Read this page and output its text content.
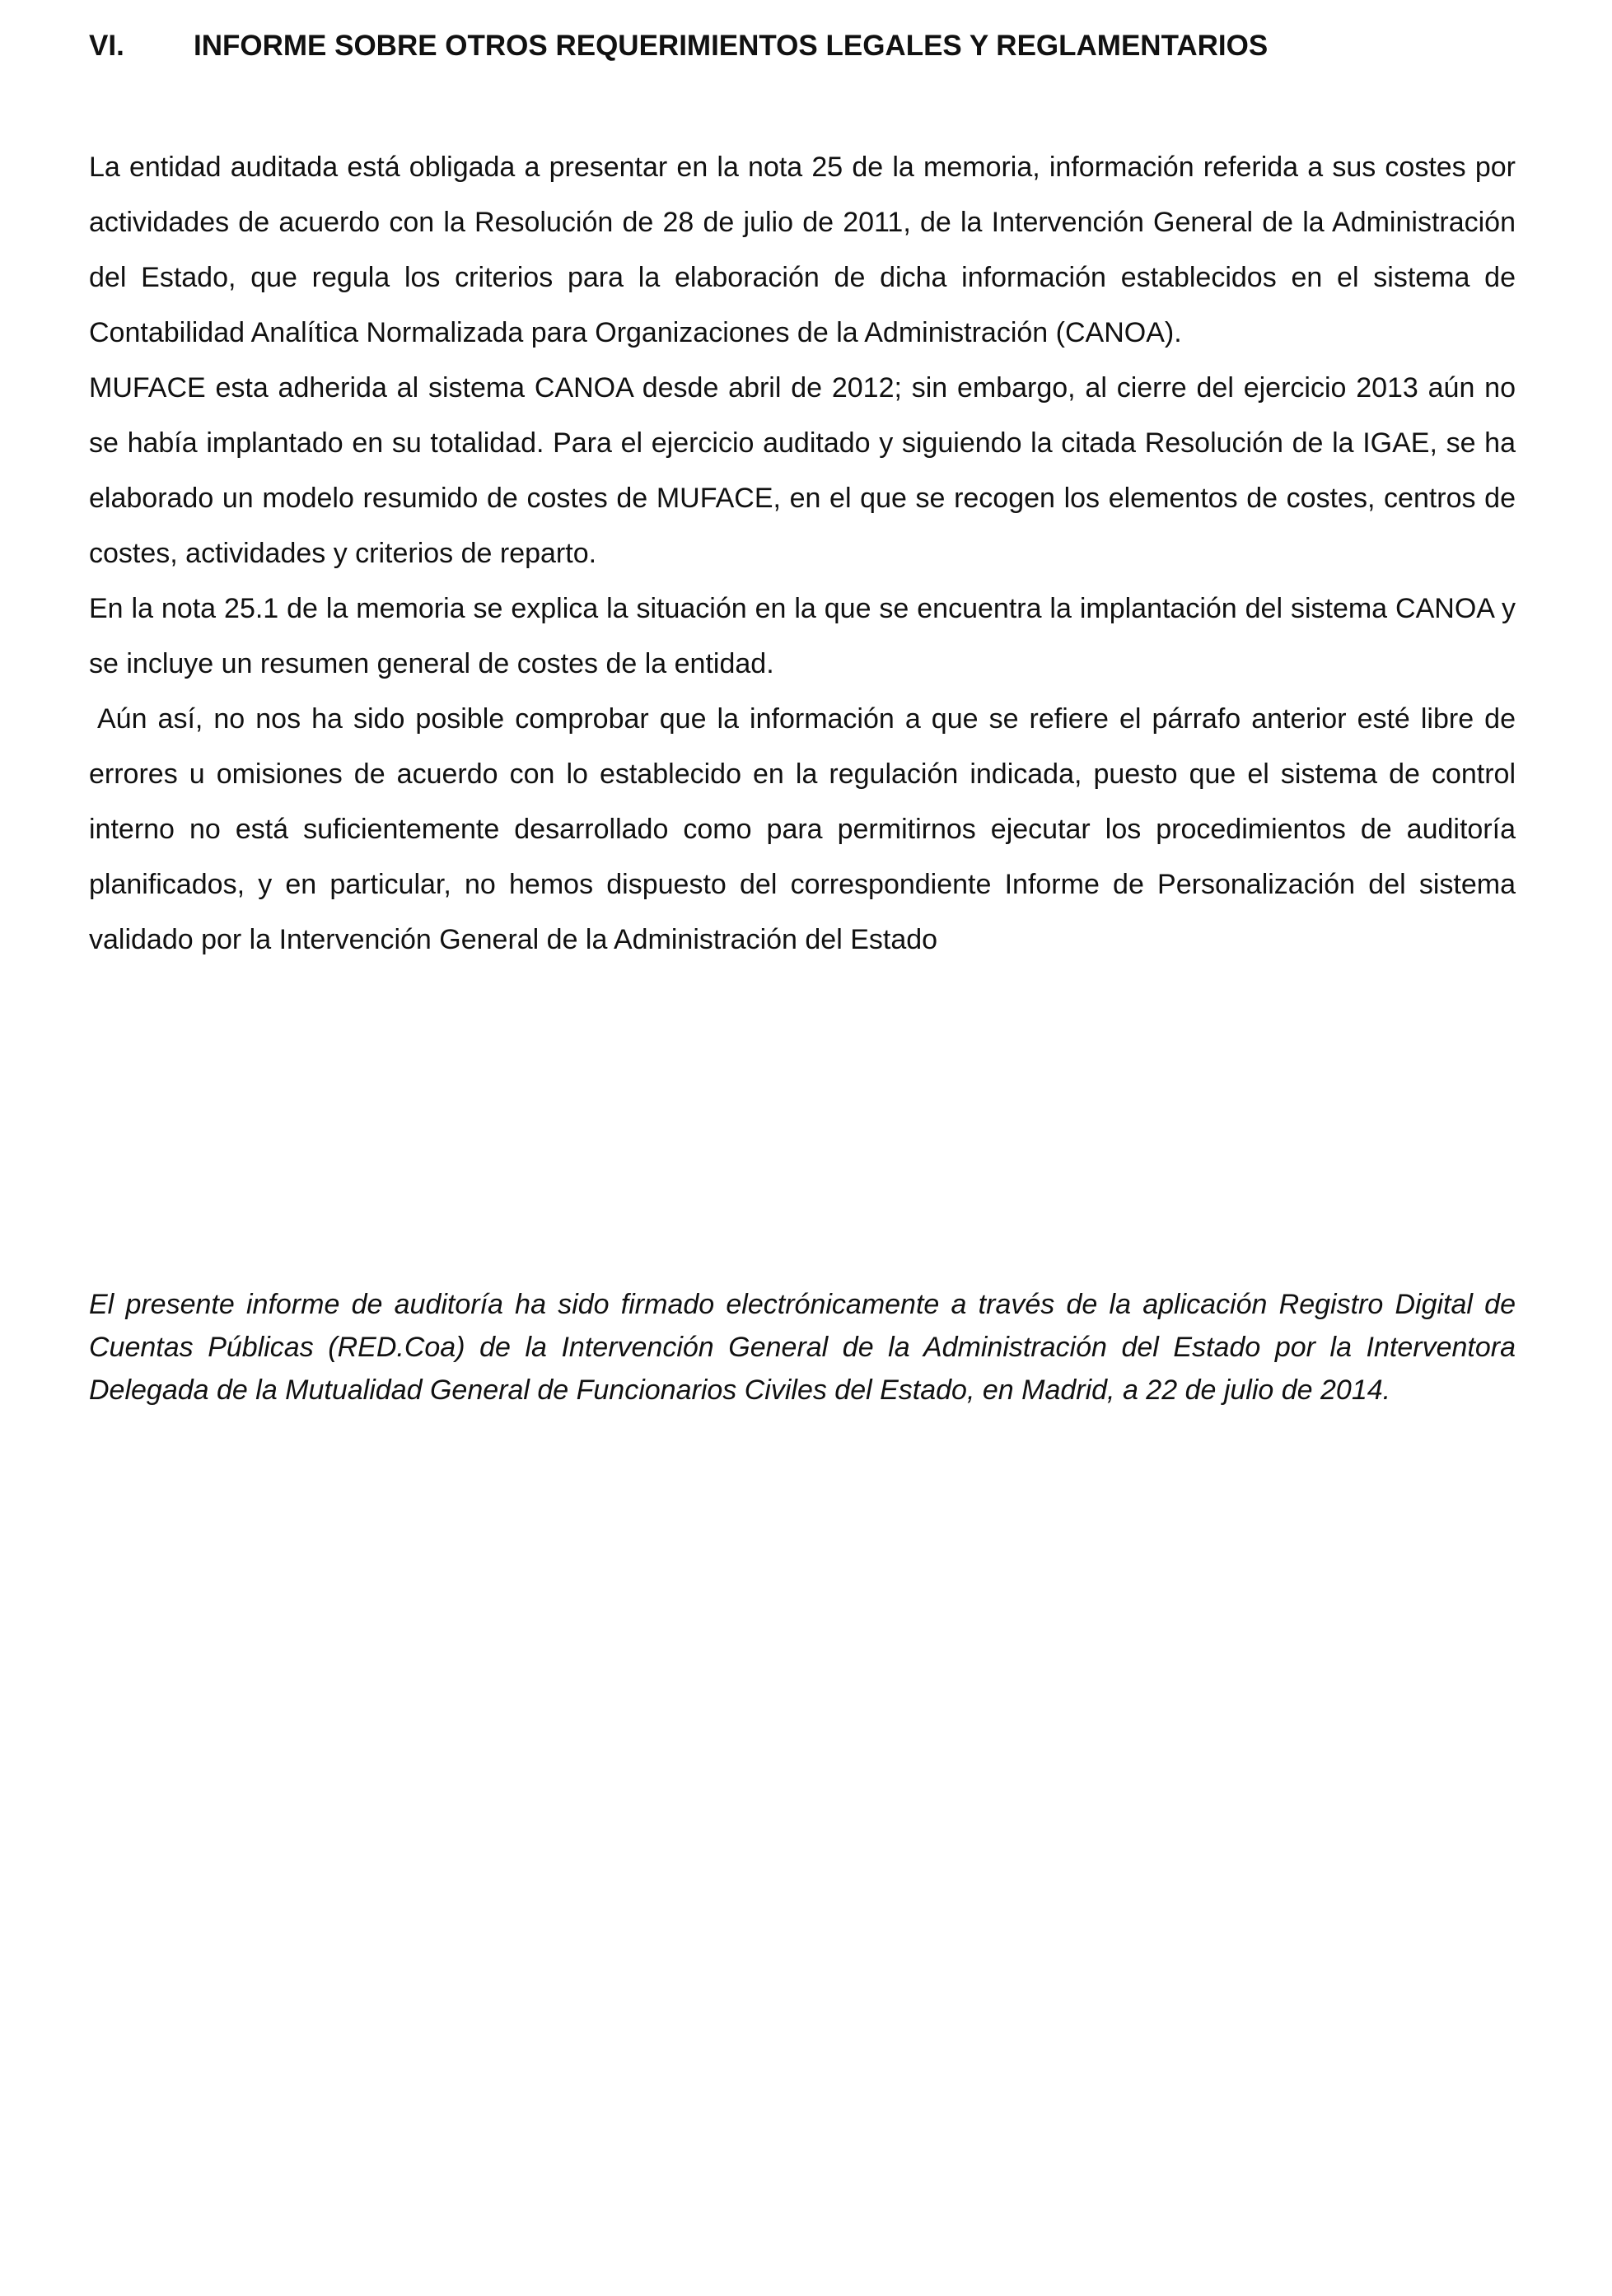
VI. INFORME SOBRE OTROS REQUERIMIENTOS LEGALES Y REGLAMENTARIOS

La entidad auditada está obligada a presentar en la nota 25 de la memoria, información referida a sus costes por actividades de acuerdo con la Resolución de 28 de julio de 2011, de la Intervención General de la Administración del Estado, que regula los criterios para la elaboración de dicha información establecidos en el sistema de Contabilidad Analítica Normalizada para Organizaciones de la Administración (CANOA).

MUFACE esta adherida al sistema CANOA desde abril de 2012; sin embargo, al cierre del ejercicio 2013 aún no se había implantado en su totalidad. Para el ejercicio auditado y siguiendo la citada Resolución de la IGAE, se ha elaborado un modelo resumido de costes de MUFACE, en el que se recogen los elementos de costes, centros de costes, actividades y criterios de reparto.

En la nota 25.1 de la memoria se explica la situación en la que se encuentra la implantación del sistema CANOA y se incluye un resumen general de costes de la entidad.

Aún así, no nos ha sido posible comprobar que la información a que se refiere el párrafo anterior esté libre de errores u omisiones de acuerdo con lo establecido en la regulación indicada, puesto que el sistema de control interno no está suficientemente desarrollado como para permitirnos ejecutar los procedimientos de auditoría planificados, y en particular, no hemos dispuesto del correspondiente Informe de Personalización del sistema validado por la Intervención General de la Administración del Estado

El presente informe de auditoría ha sido firmado electrónicamente a través de la aplicación Registro Digital de Cuentas Públicas (RED.Coa) de la Intervención General de la Administración del Estado por la Interventora Delegada de la Mutualidad General de Funcionarios Civiles del Estado, en Madrid, a 22 de julio de 2014.
